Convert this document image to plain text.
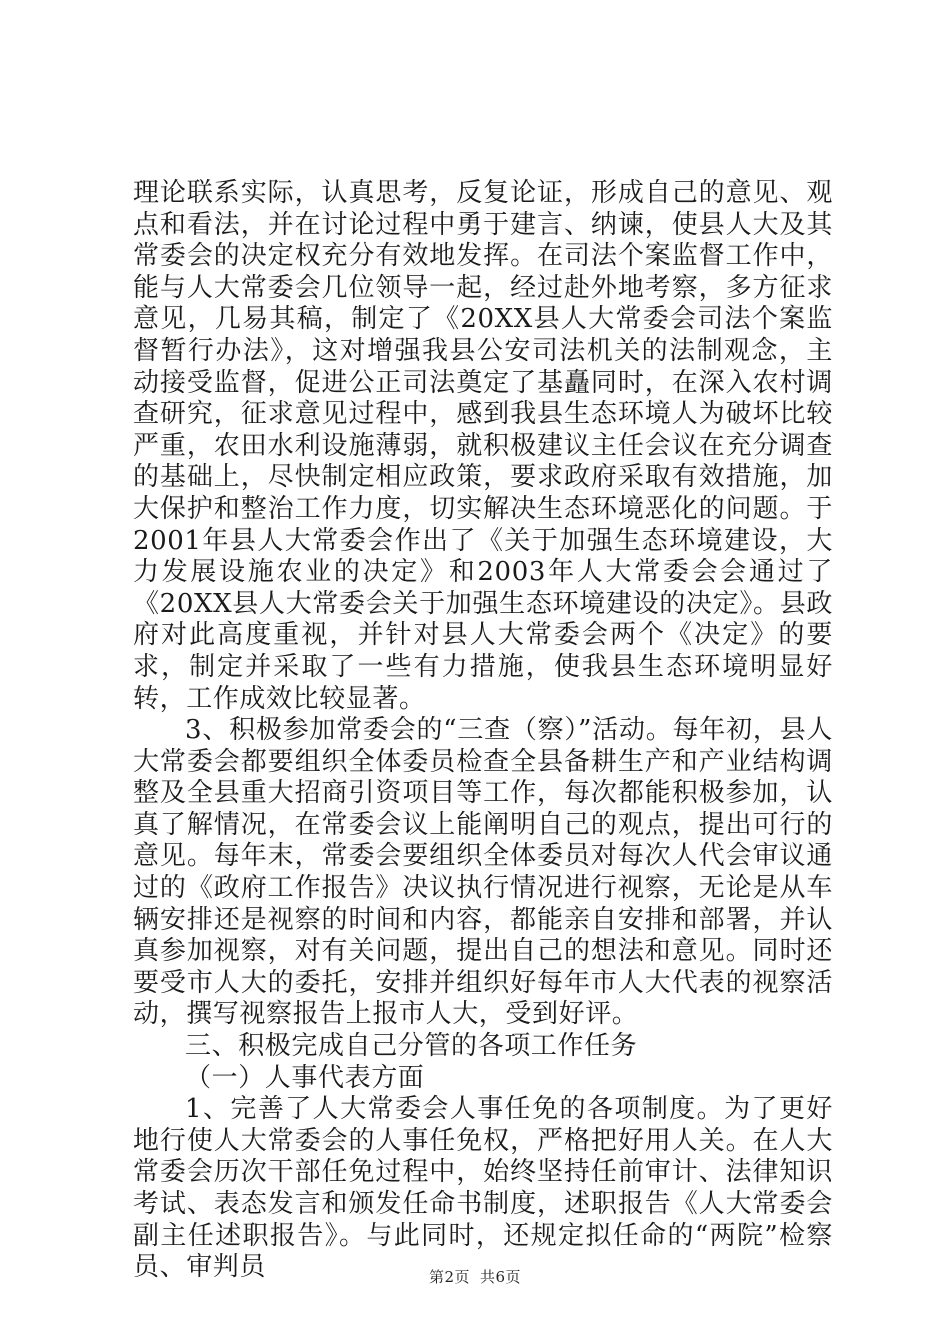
理论联系实际，认真思考，反复论证，形成自己的意见、观点和看法，并在讨论过程中勇于建言、纳谏，使县人大及其常委会的决定权充分有效地发挥。在司法个案监督工作中，能与人大常委会几位领导一起，经过赴外地考察，多方征求意见，几易其稿，制定了《20XX县人大常委会司法个案监督暂行办法》，这对增强我县公安司法机关的法制观念，主动接受监督，促进公正司法奠定了基矗同时，在深入农村调查研究，征求意见过程中，感到我县生态环境人为破坏比较严重，农田水利设施薄弱，就积极建议主任会议在充分调查的基础上，尽快制定相应政策，要求政府采取有效措施，加大保护和整治工作力度，切实解决生态环境恶化的问题。于2001年县人大常委会作出了《关于加强生态环境建设，大力发展设施农业的决定》和2003年人大常委会会通过了《20XX县人大常委会关于加强生态环境建设的决定》。县政府对此高度重视，并针对县人大常委会两个《决定》的要求，制定并采取了一些有力措施，使我县生态环境明显好转，工作成效比较显著。

3、积极参加常委会的“三查（察）”活动。每年初，县人大常委会都要组织全体委员检查全县备耕生产和产业结构调整及全县重大招商引资项目等工作，每次都能积极参加，认真了解情况，在常委会议上能阐明自己的观点，提出可行的意见。每年末，常委会要组织全体委员对每次人代会审议通过的《政府工作报告》决议执行情况进行视察，无论是从车辆安排还是视察的时间和内容，都能亲自安排和部署，并认真参加视察，对有关问题，提出自己的想法和意见。同时还要受市人大的委托，安排并组织好每年市人大代表的视察活动，撰写视察报告上报市人大，受到好评。

三、积极完成自己分管的各项工作任务

（一）人事代表方面

1、完善了人大常委会人事任免的各项制度。为了更好地行使人大常委会的人事任免权，严格把好用人关。在人大常委会历次干部任免过程中，始终坚持任前审计、法律知识考试、表态发言和颁发任命书制度，述职报告《人大常委会副主任述职报告》。与此同时，还规定拟任命的“两院”检察员、审判员	第2页 共6页
